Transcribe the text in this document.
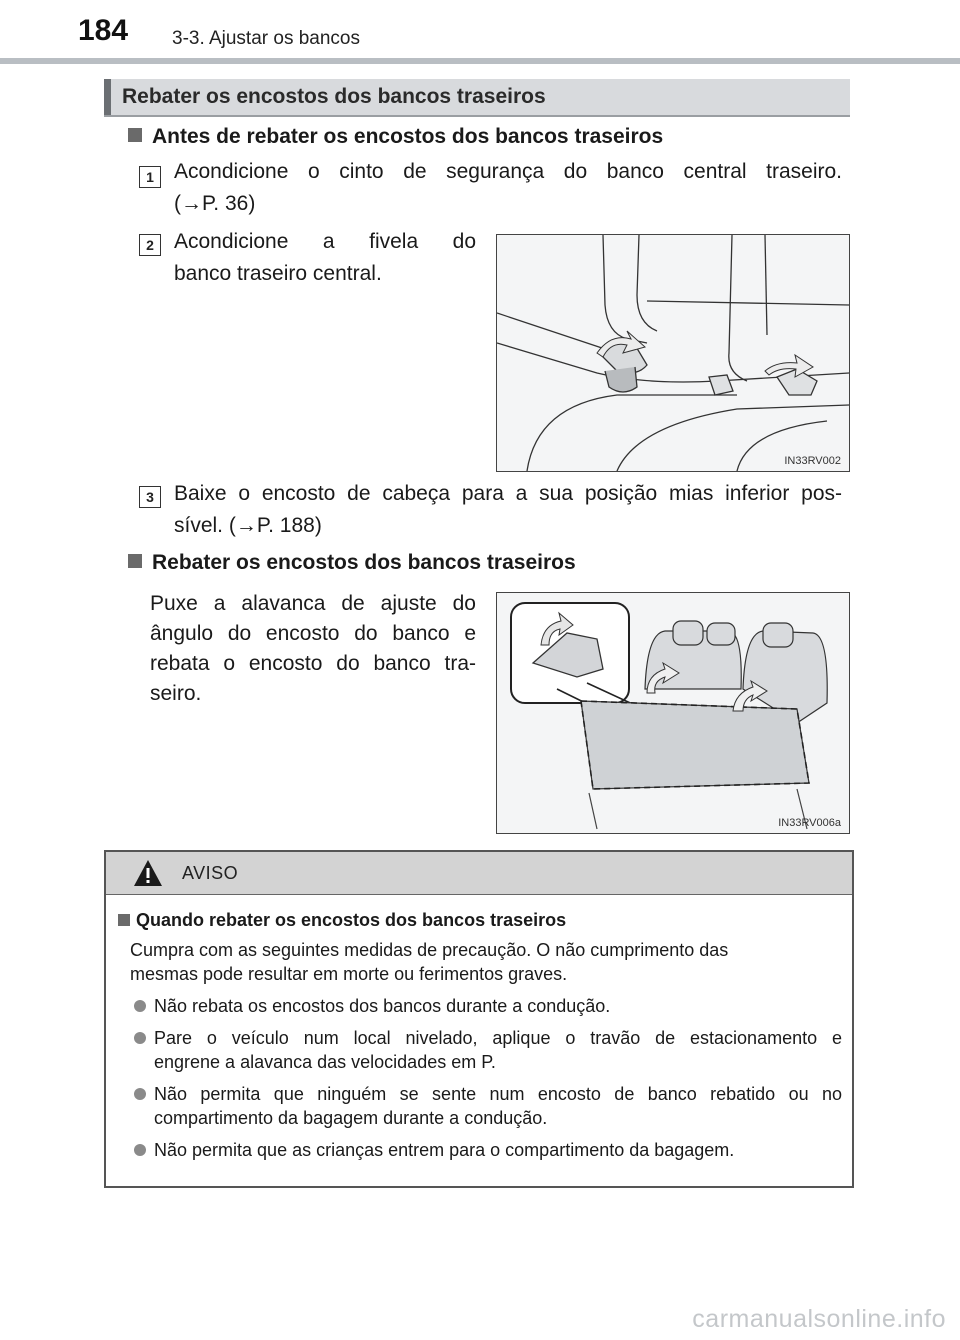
184 3-3. Ajustar os bancos
Rebater os encostos dos bancos traseiros
Antes de rebater os encostos dos bancos traseiros
1 Acondicione o cinto de segurança do banco central traseiro.
(→P. 36)
2 Acondicione a fivela do
banco traseiro central.
IN33RV002
3 Baixe o encosto de cabeça para a sua posição mias inferior pos-
sível. (→P. 188)
Rebater os encostos dos bancos traseiros
Puxe a alavanca de ajuste do
ângulo do encosto do banco e
rebata o encosto do banco tra-
seiro.
IN33RV006a
AVISO
Quando rebater os encostos dos bancos traseiros
Cumpra com as seguintes medidas de precaução. O não cumprimento das
mesmas pode resultar em morte ou ferimentos graves.
Não rebata os encostos dos bancos durante a condução.
Pare o veículo num local nivelado, aplique o travão de estacionamento e
engrene a alavanca das velocidades em P.
Não permita que ninguém se sente num encosto de banco rebatido ou no
compartimento da bagagem durante a condução.
Não permita que as crianças entrem para o compartimento da bagagem.
carmanualsonline.info
